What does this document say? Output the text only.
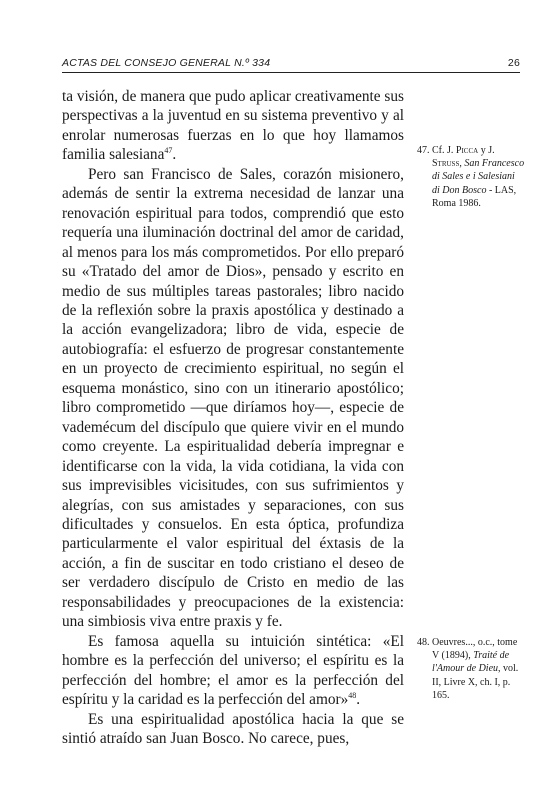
ACTAS DEL CONSEJO GENERAL N.º 334	26

ta visión, de manera que pudo aplicar creativamente sus perspectivas a la juventud en su sistema preventivo y al enrolar numerosas fuerzas en lo que hoy llamamos familia salesiana$^{47}$.

Pero san Francisco de Sales, corazón misionero, además de sentir la extrema necesidad de lanzar una renovación espiritual para todos, comprendió que esto requería una iluminación doctrinal del amor de caridad, al menos para los más comprometidos. Por ello preparó su «Tratado del amor de Dios», pensado y escrito en medio de sus múltiples tareas pastorales; libro nacido de la reflexión sobre la praxis apostólica y destinado a la acción evangelizadora; libro de vida, especie de autobiografía: el esfuerzo de progresar constantemente en un proyecto de crecimiento espiritual, no según el esquema monástico, sino con un itinerario apostólico; libro comprometido —que diríamos hoy—, especie de vademécum del discípulo que quiere vivir en el mundo como creyente. La espiritualidad debería impregnar e identificarse con la vida, la vida cotidiana, la vida con sus imprevisibles vicisitudes, con sus sufrimientos y alegrías, con sus amistades y separaciones, con sus dificultades y consuelos. En esta óptica, profundiza particularmente el valor espiritual del éxtasis de la acción, a fin de suscitar en todo cristiano el deseo de ser verdadero discípulo de Cristo en medio de las responsabilidades y preocupaciones de la existencia: una simbiosis viva entre praxis y fe.

Es famosa aquella su intuición sintética: «El hombre es la perfección del universo; el espíritu es la perfección del hombre; el amor es la perfección del espíritu y la caridad es la perfección del amor»$^{48}$.

Es una espiritualidad apostólica hacia la que se sintió atraído san Juan Bosco. No carece, pues,

47. Cf. J. Picca y J. Struss, San Francesco di Sales e i Salesiani di Don Bosco - LAS, Roma 1986.
48. Oeuvres..., o.c., tome V (1894), Traité de l'Amour de Dieu, vol. II, Livre X, ch. I, p. 165.
